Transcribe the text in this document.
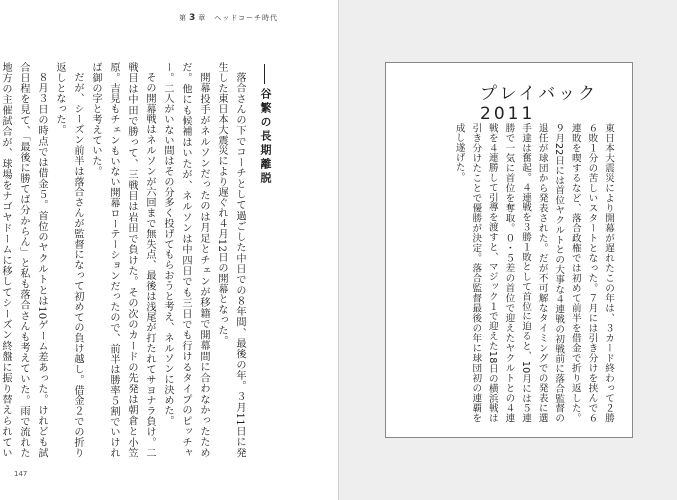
第 3 章　 ヘッドコーチ時代
谷繁の長期離脱

落合さんの下でコーチとして過ごした中日での８年間、最後の年。３月11日に発生した東日本大震災により遅ぐれ４月12日の開幕となった。

開幕投手がネルソンだったのは月足とチェンが移籍で開幕間に合わなかったためだ。他にも候補はいたが、ネルソンは中四日でも三日でも行けるタイプのピッチャー。二人がいない間はその分多く投げてもらおうと考え、ネルソンに決めた。

その開幕戦はネルソンが六回まで無失点、最後は浅尾が打たれてサヨナラ負け。二戦目は中田で勝って、三戦目は岩田で負けた。その次のカードの先発は朝倉と小笠原。吉見もチェンもいない開幕ローテーションだったので、前半は勝率５割でいければ御の字と考えていた。

だが、シーズン前半は落合さんが監督になって初めての負け越し。借金２での折り返しとなった。

８月３日の時点では借金５。首位のヤクルトとは10ゲーム差あった。けれども試合日程を見て、「最後に勝てば分からん」と私も落合さんも考えていた。雨で流れた地方の主催試合が、球場をナゴヤドームに移してシーズン終盤に振り替えられてい

147
プレイバック2011

東日本大震災により開幕が遅れたこの年は、３カード終わって２勝６敗１分の苦しいスタートとなった。７月には引き分けを挟んで６連敗を喫するなど、落合政権では初めて前半を借金で折り返した。９月22日には首位ヤクルトとの大事な４連戦の初戦前に落合監督の退任が球団から発表された。だが不可解なタイミングでの発表に選手達は奮起。４連戦を３勝１敗として首位に迫ると、10月には５連勝で一気に首位を奪取。０・５差の首位で迎えたヤクルトとの４連戦を４連勝して引導を渡すと、マジック１で迎えた18日の横浜戦は引き分けたことで優勝が決定。落合監督最後の年に球団初の連覇を成し遂げた。
